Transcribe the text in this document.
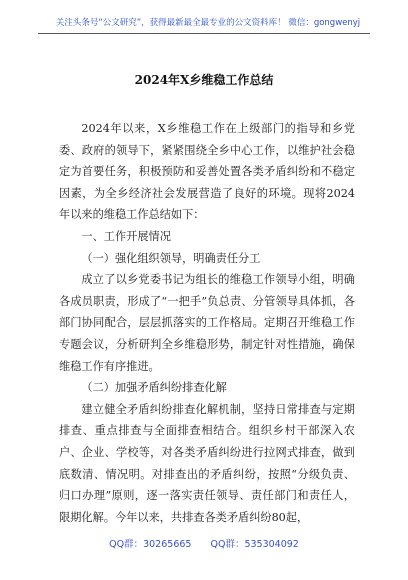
关注头条号“公文研究”，获得最新最全最专业的公文资料库！ 微信：gongwenyj
2024年X乡维稳工作总结

2024年以来，X乡维稳工作在上级部门的指导和乡党委、政府的领导下，紧紧围绕全乡中心工作，以维护社会稳定为首要任务，积极预防和妥善处置各类矛盾纠纷和不稳定因素，为全乡经济社会发展营造了良好的环境。现将2024年以来的维稳工作总结如下：

一、工作开展情况

（一）强化组织领导，明确责任分工

成立了以乡党委书记为组长的维稳工作领导小组，明确各成员职责，形成了“一把手”负总责、分管领导具体抓，各部门协同配合，层层抓落实的工作格局。定期召开维稳工作专题会议，分析研判全乡维稳形势，制定针对性措施，确保维稳工作有序推进。

（二）加强矛盾纠纷排查化解

建立健全矛盾纠纷排查化解机制，坚持日常排查与定期排查、重点排查与全面排查相结合。组织乡村干部深入农户、企业、学校等，对各类矛盾纠纷进行拉网式排查，做到底数清、情况明。对排查出的矛盾纠纷，按照“分级负责、归口办理”原则，逐一落实责任领导、责任部门和责任人，限期化解。今年以来，共排查各类矛盾纠纷80起，

QQ群：30265665 QQ群：535304092
